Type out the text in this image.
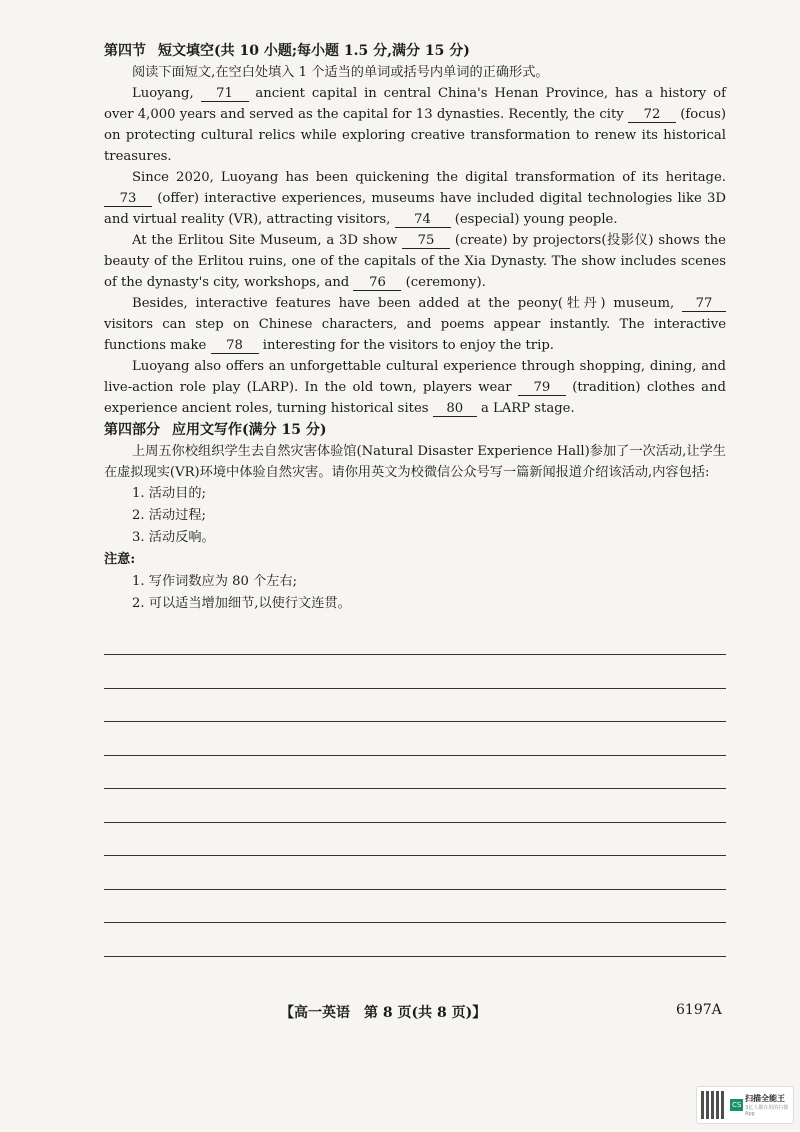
第四节 短文填空(共 10 小题;每小题 1.5 分,满分 15 分)

阅读下面短文,在空白处填入 1 个适当的单词或括号内单词的正确形式。

Luoyang, 71 ancient capital in central China's Henan Province, has a history of over 4,000 years and served as the capital for 13 dynasties. Recently, the city 72 (focus) on protecting cultural relics while exploring creative transformation to renew its historical treasures.

Since 2020, Luoyang has been quickening the digital transformation of its heritage. 73 (offer) interactive experiences, museums have included digital technologies like 3D and virtual reality (VR), attracting visitors, 74 (especial) young people.

At the Erlitou Site Museum, a 3D show 75 (create) by projectors(投影仪) shows the beauty of the Erlitou ruins, one of the capitals of the Xia Dynasty. The show includes scenes of the dynasty's city, workshops, and 76 (ceremony).

Besides, interactive features have been added at the peony(牡丹) museum, 77 visitors can step on Chinese characters, and poems appear instantly. The interactive functions make 78 interesting for the visitors to enjoy the trip.

Luoyang also offers an unforgettable cultural experience through shopping, dining, and live-action role play (LARP). In the old town, players wear 79 (tradition) clothes and experience ancient roles, turning historical sites 80 a LARP stage.

第四部分 应用文写作(满分 15 分)

上周五你校组织学生去自然灾害体验馆(Natural Disaster Experience Hall)参加了一次活动,让学生在虚拟现实(VR)环境中体验自然灾害。请你用英文为校微信公众号写一篇新闻报道介绍该活动,内容包括:

1. 活动目的;
2. 活动过程;
3. 活动反响。

注意:

1. 写作词数应为 80 个左右;
2. 可以适当增加细节,以使行文连贯。
【高一英语　第 8 页(共 8 页)】	6197A
CS
扫描全能王
3亿人都在用的扫描App
